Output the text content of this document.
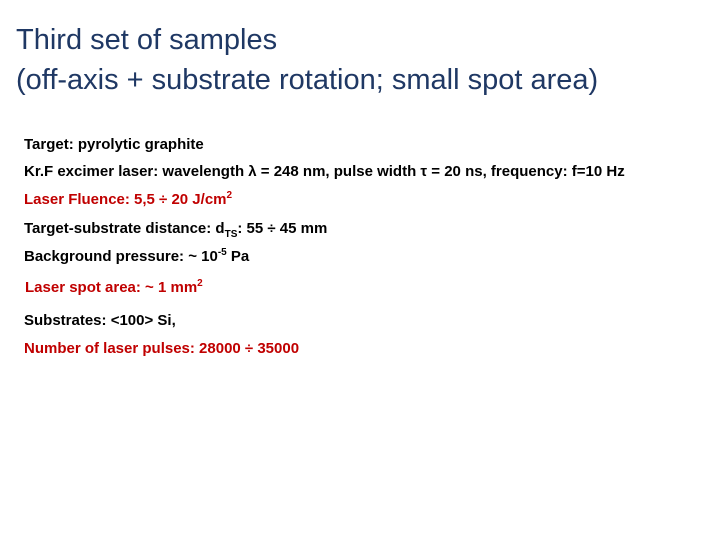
Third set of samples
(off-axis + substrate rotation; small spot area)

Target: pyrolytic graphite

Kr.F excimer laser: wavelength λ = 248 nm, pulse width τ = 20 ns, frequency: f=10 Hz

Laser Fluence: 5,5 ÷ 20 $J/cm^2$

Target-substrate distance: $d_{TS}$: 55 ÷ 45 mm

Background pressure: ~ $10^{-5}$ Pa

Laser spot area: ~ 1 $mm^2$

Substrates: <100> Si,

Number of laser pulses: 28000 ÷ 35000
